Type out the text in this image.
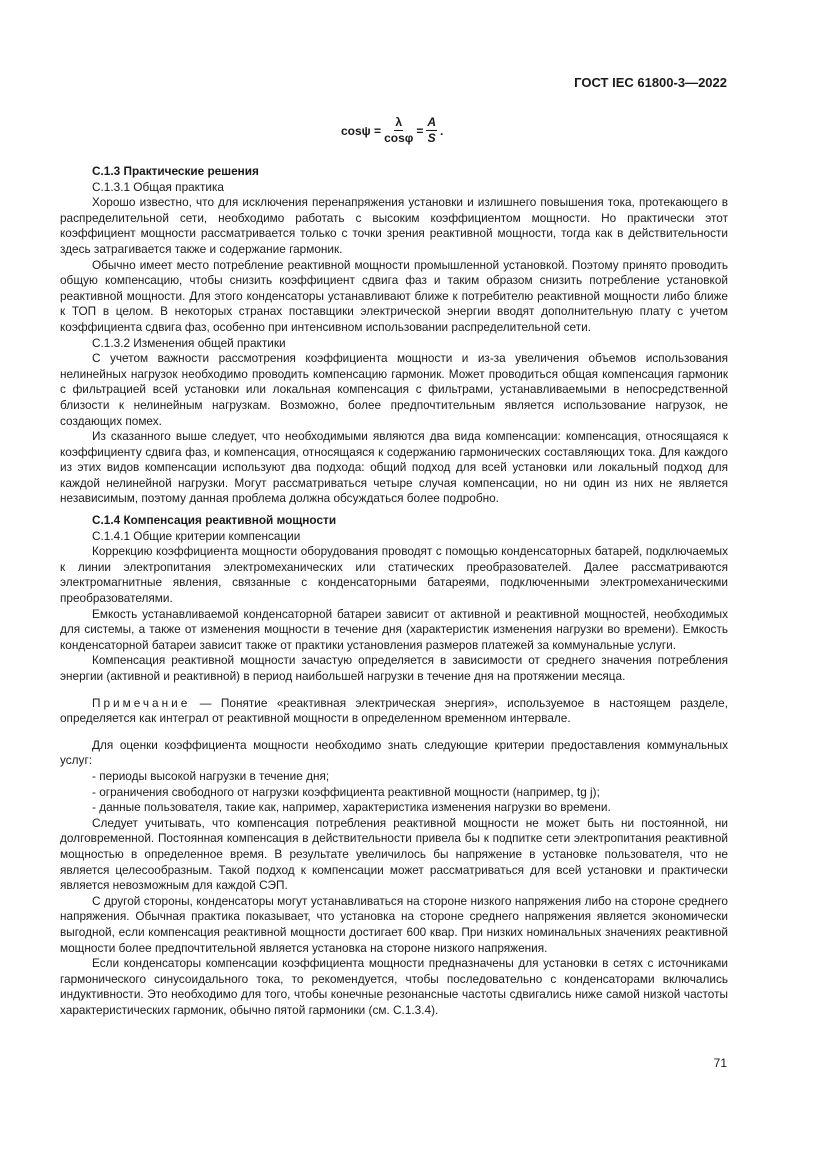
ГОСТ IEC 61800-3—2022
$\cos\psi = \frac{\lambda}{\cos\varphi} = \frac{A}{S}$ .
С.1.3 Практические решения

С.1.3.1 Общая практика

Хорошо известно, что для исключения перенапряжения установки и излишнего повышения тока, протекающего в распределительной сети, необходимо работать с высоким коэффициентом мощности. Но практически этот коэффициент мощности рассматривается только с точки зрения реактивной мощности, тогда как в действительности здесь затрагивается также и содержание гармоник.

Обычно имеет место потребление реактивной мощности промышленной установкой. Поэтому принято проводить общую компенсацию, чтобы снизить коэффициент сдвига фаз и таким образом снизить потребление установкой реактивной мощности. Для этого конденсаторы устанавливают ближе к потребителю реактивной мощности либо ближе к ТОП в целом. В некоторых странах поставщики электрической энергии вводят дополнительную плату с учетом коэффициента сдвига фаз, особенно при интенсивном использовании распределительной сети.

С.1.3.2 Изменения общей практики

С учетом важности рассмотрения коэффициента мощности и из-за увеличения объемов использования нелинейных нагрузок необходимо проводить компенсацию гармоник. Может проводиться общая компенсация гармоник с фильтрацией всей установки или локальная компенсация с фильтрами, устанавливаемыми в непосредственной близости к нелинейным нагрузкам. Возможно, более предпочтительным является использование нагрузок, не создающих помех.

Из сказанного выше следует, что необходимыми являются два вида компенсации: компенсация, относящаяся к коэффициенту сдвига фаз, и компенсация, относящаяся к содержанию гармонических составляющих тока. Для каждого из этих видов компенсации используют два подхода: общий подход для всей установки или локальный подход для каждой нелинейной нагрузки. Могут рассматриваться четыре случая компенсации, но ни один из них не является независимым, поэтому данная проблема должна обсуждаться более подробно.

С.1.4 Компенсация реактивной мощности

С.1.4.1 Общие критерии компенсации

Коррекцию коэффициента мощности оборудования проводят с помощью конденсаторных батарей, подключаемых к линии электропитания электромеханических или статических преобразователей. Далее рассматриваются электромагнитные явления, связанные с конденсаторными батареями, подключенными электромеханическими преобразователями.

Емкость устанавливаемой конденсаторной батареи зависит от активной и реактивной мощностей, необходимых для системы, а также от изменения мощности в течение дня (характеристик изменения нагрузки во времени). Емкость конденсаторной батареи зависит также от практики установления размеров платежей за коммунальные услуги.

Компенсация реактивной мощности зачастую определяется в зависимости от среднего значения потребления энергии (активной и реактивной) в период наибольшей нагрузки в течение дня на протяжении месяца.

Примечание — Понятие «реактивная электрическая энергия», используемое в настоящем разделе, определяется как интеграл от реактивной мощности в определенном временном интервале.

Для оценки коэффициента мощности необходимо знать следующие критерии предоставления коммунальных услуг:

- периоды высокой нагрузки в течение дня;
- ограничения свободного от нагрузки коэффициента реактивной мощности (например, tg j);
- данные пользователя, такие как, например, характеристика изменения нагрузки во времени.

Следует учитывать, что компенсация потребления реактивной мощности не может быть ни постоянной, ни долговременной. Постоянная компенсация в действительности привела бы к подпитке сети электропитания реактивной мощностью в определенное время. В результате увеличилось бы напряжение в установке пользователя, что не является целесообразным. Такой подход к компенсации может рассматриваться для всей установки и практически является невозможным для каждой СЭП.

С другой стороны, конденсаторы могут устанавливаться на стороне низкого напряжения либо на стороне среднего напряжения. Обычная практика показывает, что установка на стороне среднего напряжения является экономически выгодной, если компенсация реактивной мощности достигает 600 квар. При низких номинальных значениях реактивной мощности более предпочтительной является установка на стороне низкого напряжения.

Если конденсаторы компенсации коэффициента мощности предназначены для установки в сетях с источниками гармонического синусоидального тока, то рекомендуется, чтобы последовательно с конденсаторами включались индуктивности. Это необходимо для того, чтобы конечные резонансные частоты сдвигались ниже самой низкой частоты характеристических гармоник, обычно пятой гармоники (см. С.1.3.4).

71
